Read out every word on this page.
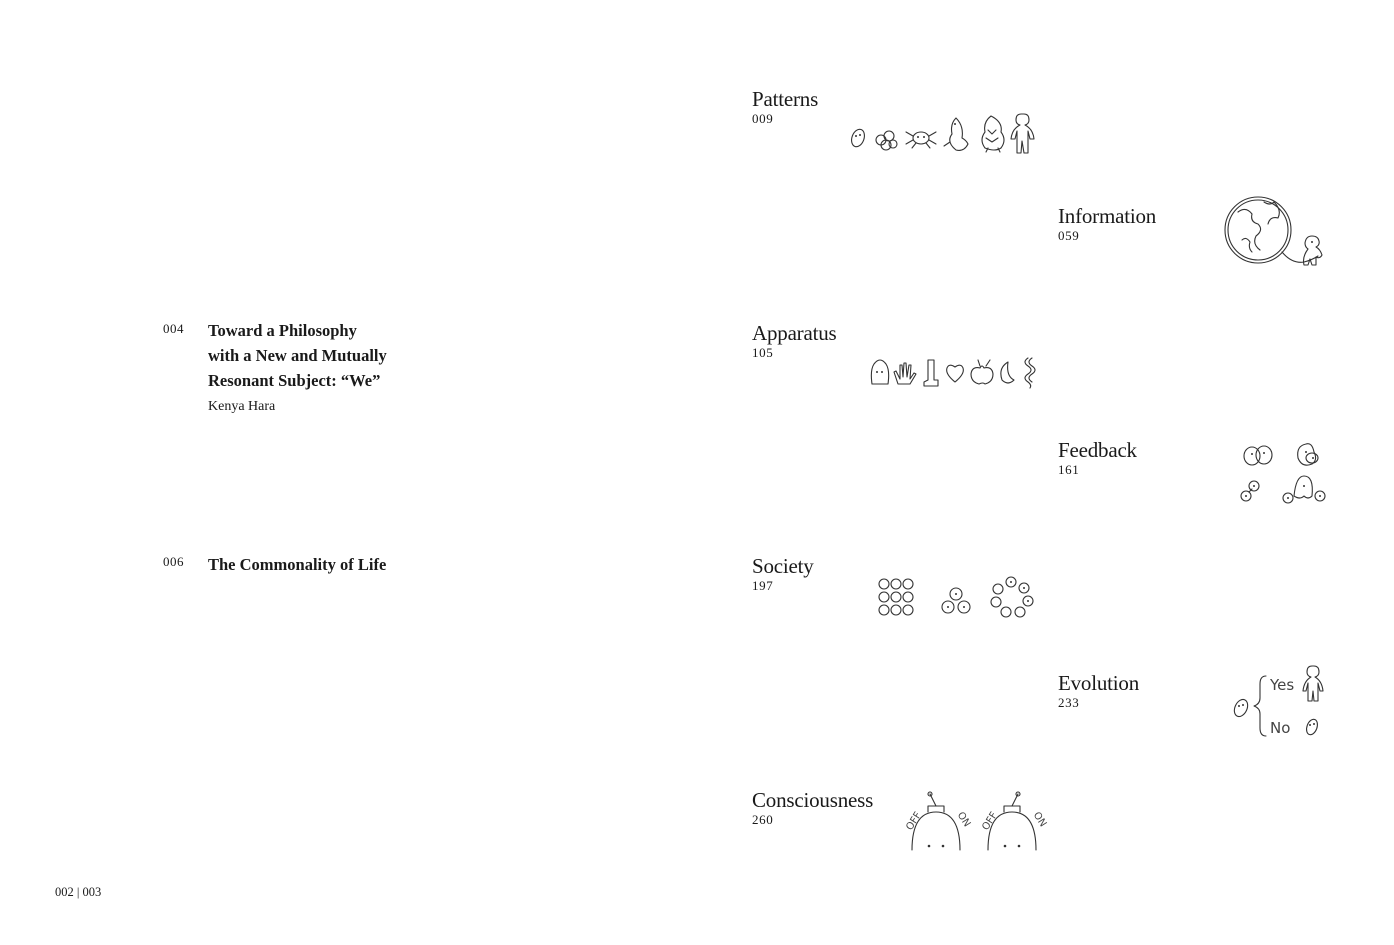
004 Toward a Philosophy
with a New and Mutually
Resonant Subject: “We”
Kenya Hara
006 The Commonality of Life
002 | 003
Patterns
009
Information
059
Apparatus
105
Feedback
161
Society
197
Evolution
233
Yes
No
Consciousness
260	OFF	ON OFF	ON
